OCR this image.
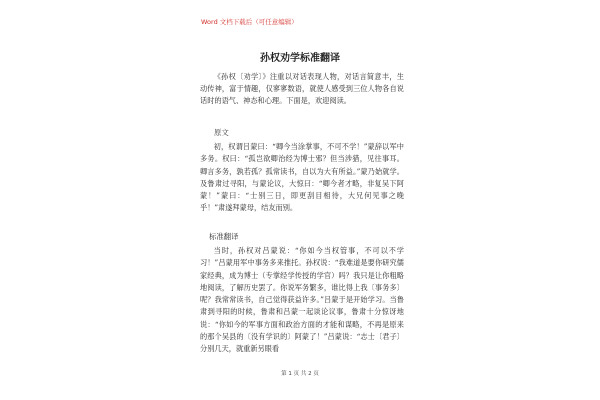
Word 文档下载后（可任意编辑）
孙权劝学标准翻译

《孙权〔劝学〕》注重以对话表现人物，对话言简意丰，生动传神，富于情趣，仅寥寥数语，就使人感受到三位人物各自说话时的语气、神态和心理。下面是，欢迎阅读。

原文

初，权谓吕蒙曰：“卿今当涂掌事，不可不学！”蒙辞以军中多务。权曰：“孤岂欲卿治经为博士邪？但当涉猎，见往事耳。卿言多务，孰若孤？孤常读书，自以为大有所益。”蒙乃始就学。及鲁肃过寻阳，与蒙论议，大惊曰：“卿今者才略，非复吴下阿蒙！”蒙曰：“士别三日，即更刮目相待，大兄何见事之晚乎！”肃遂拜蒙母，结友而别。

标准翻译

当时，孙权对吕蒙说：“你如今当权管事，不可以不学习！”吕蒙用军中事务多来推托。孙权说：“我难道是要你研究儒家经典，成为博士（专掌经学传授的学官）吗？我只是让你粗略地阅读，了解历史罢了。你说军务繁多，谁比得上我〔事务多〕呢？我常常读书，自己觉得获益许多。”吕蒙于是开始学习。当鲁肃到寻阳的时候，鲁肃和吕蒙一起谈论议事，鲁肃十分惊讶地说：“你如今的军事方面和政治方面的才能和谋略，不再是原来的那个吴县的〔没有学识的〕阿蒙了！”吕蒙说：“志士〔君子〕分别几天，就重新另眼看

第 1 页 共 2 页
